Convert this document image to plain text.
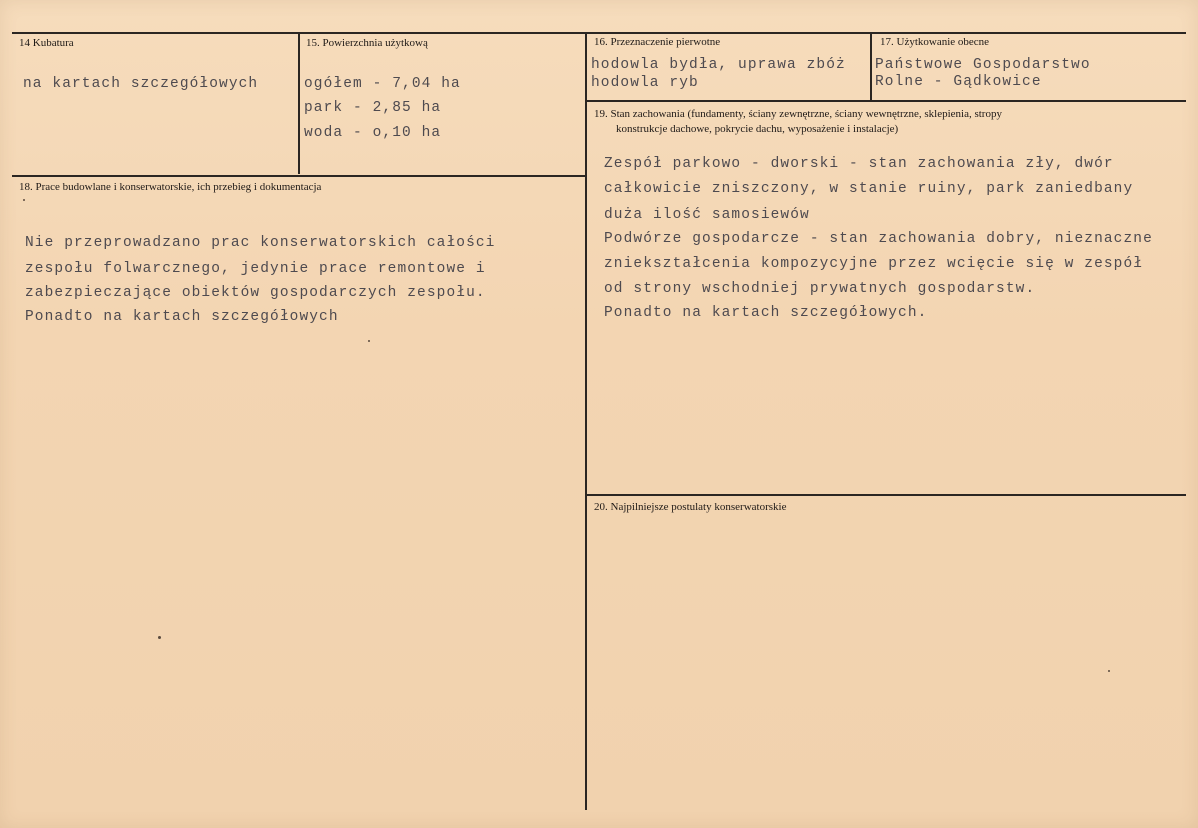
14 Kubatura
na kartach szczegółowych
15. Powierzchnia użytkową
ogółem - 7,04 ha
park - 2,85 ha
woda - o,10 ha
16. Przeznaczenie pierwotne
hodowla bydła, uprawa zbóż
hodowla ryb
17. Użytkowanie obecne
Państwowe Gospodarstwo
Rolne - Gądkowice
18. Prace budowlane i konserwatorskie, ich przebieg i dokumentacja
Nie przeprowadzano prac konserwatorskich całości
zespołu folwarcznego, jedynie prace remontowe i
zabezpieczające obiektów gospodarczych zespołu.
Ponadto na kartach szczegółowych
19. Stan zachowania (fundamenty, ściany zewnętrzne, ściany wewnętrzne, sklepienia, stropy
konstrukcje dachowe, pokrycie dachu, wyposażenie i instalacje)
Zespół parkowo - dworski - stan zachowania zły, dwór
całkowicie zniszczony, w stanie ruiny, park zaniedbany
duża ilość samosiewów
Podwórze gospodarcze - stan zachowania dobry, nieznaczne
zniekształcenia kompozycyjne przez wcięcie się w zespół
od strony wschodniej prywatnych gospodarstw.
Ponadto na kartach szczegółowych.
20. Najpilniejsze postulaty konserwatorskie
